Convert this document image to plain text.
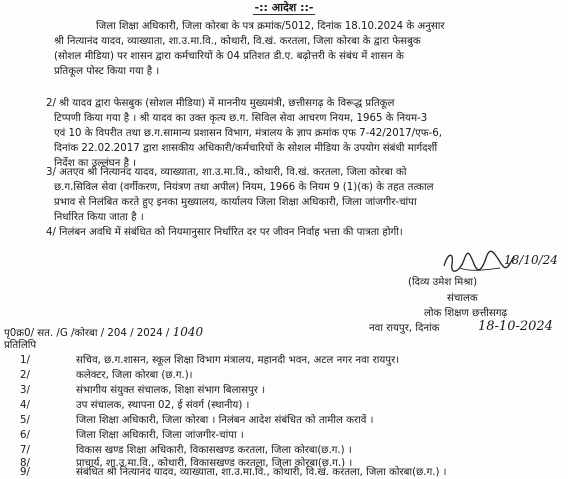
-:: आदेश ::-
जिला शिक्षा अधिकारी, जिला कोरबा के पत्र क्रमांक/5012, दिनांक 18.10.2024 के अनुसार
श्री नित्यानंद यादव, व्याख्याता, शा.उ.मा.वि., कोथारी, वि.खं. करतला, जिला कोरबा के द्वारा फेसबुक
(सोशल मीडिया) पर शासन द्वारा कर्मचारियों के 04 प्रतिशत डी.ए. बढ़ोत्तरी के संबंध में शासन के
प्रतिकूल पोस्ट किया गया है ।
2/ श्री यादव द्वारा फेसबुक (सोशल मीडिया) में माननीय मुख्यमंत्री, छत्तीसगढ़ के विरूद्ध प्रतिकूल
टिप्पणी किया गया है । श्री यादव का उक्त कृत्य छ.ग. सिविल सेवा आचरण नियम, 1965 के नियम-3
एवं 10 के विपरीत तथा छ.ग.सामान्य प्रशासन विभाग, मंत्रालय के ज्ञाप क्रमांक एफ 7-42/2017/एफ-6,
दिनांक 22.02.2017 द्वारा शासकीय अधिकारी/कर्मचारियों के सोशल मीडिया के उपयोग संबंधी मार्गदर्शी
निर्देश का उल्लंघन है ।
3/ अतएव श्री नित्यानंद यादव, व्याख्याता, शा.उ.मा.वि., कोथारी, वि.खं. करतला, जिला कोरबा को
छ.ग.सिविल सेवा (वर्गीकरण, नियंत्रण तथा अपील) नियम, 1966 के नियम 9 (1)(क) के तहत तत्काल
प्रभाव से निलंबित करते हुए इनका मुख्यालय, कार्यालय जिला शिक्षा अधिकारी, जिला जांजगीर-चांपा
निर्धारित किया जाता है ।
4/ निलंबन अवधि में संबंधित को नियमानुसार निर्धारित दर पर जीवन निर्वाह भत्ता की पात्रता होगी।
18/10/24
(दिव्य उमेश मिश्रा)
संचालक
लोक शिक्षण छत्तीसगढ़
नवा रायपुर, दिनांक	18-10-2024
पृ0क्र0/ सत. /G /कोरबा / 204 / 2024 / 1040
प्रतिलिपि
1/	सचिव, छ.ग.शासन, स्कूल शिक्षा विभाग मंत्रालय, महानदी भवन, अटल नगर नवा रायपुर।
2/	कलेक्टर, जिला कोरबा (छ.ग.)।
3/	संभागीय संयुक्त संचालक, शिक्षा संभाग बिलासपुर ।
4/	उप संचालक, स्थापना 02, ई संवर्ग (स्थानीय) ।
5/	जिला शिक्षा अधिकारी, जिला कोरबा । निलंबन आदेश संबंधित को तामील करावें ।
6/	जिला शिक्षा अधिकारी, जिला जांजगीर-चांपा ।
7/	विकास खण्ड शिक्षा अधिकारी, विकासखण्ड करतला, जिला कोरबा(छ.ग.) ।
8/	प्राचार्य, शा.उ.मा.वि., कोथारी, विकासखण्ड करतला, जिला कोरबा(छ.ग.) ।
9/	संबंधित श्री नित्यानंद यादव, व्याख्याता, शा.उ.मा.वि., कोथारी, वि.खं. करतला, जिला कोरबा(छ.ग.) ।
